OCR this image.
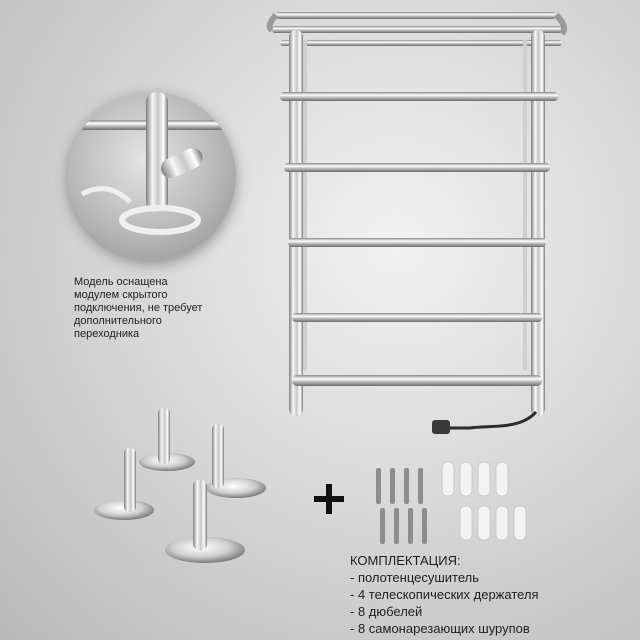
Модель оснащена
модулем скрытого
подключения, не требует
дополнительного
переходника
КОМПЛЕКТАЦИЯ:
- полотенцесушитель
- 4 телескопических держателя
- 8 дюбелей
- 8 самонарезающих шурупов
